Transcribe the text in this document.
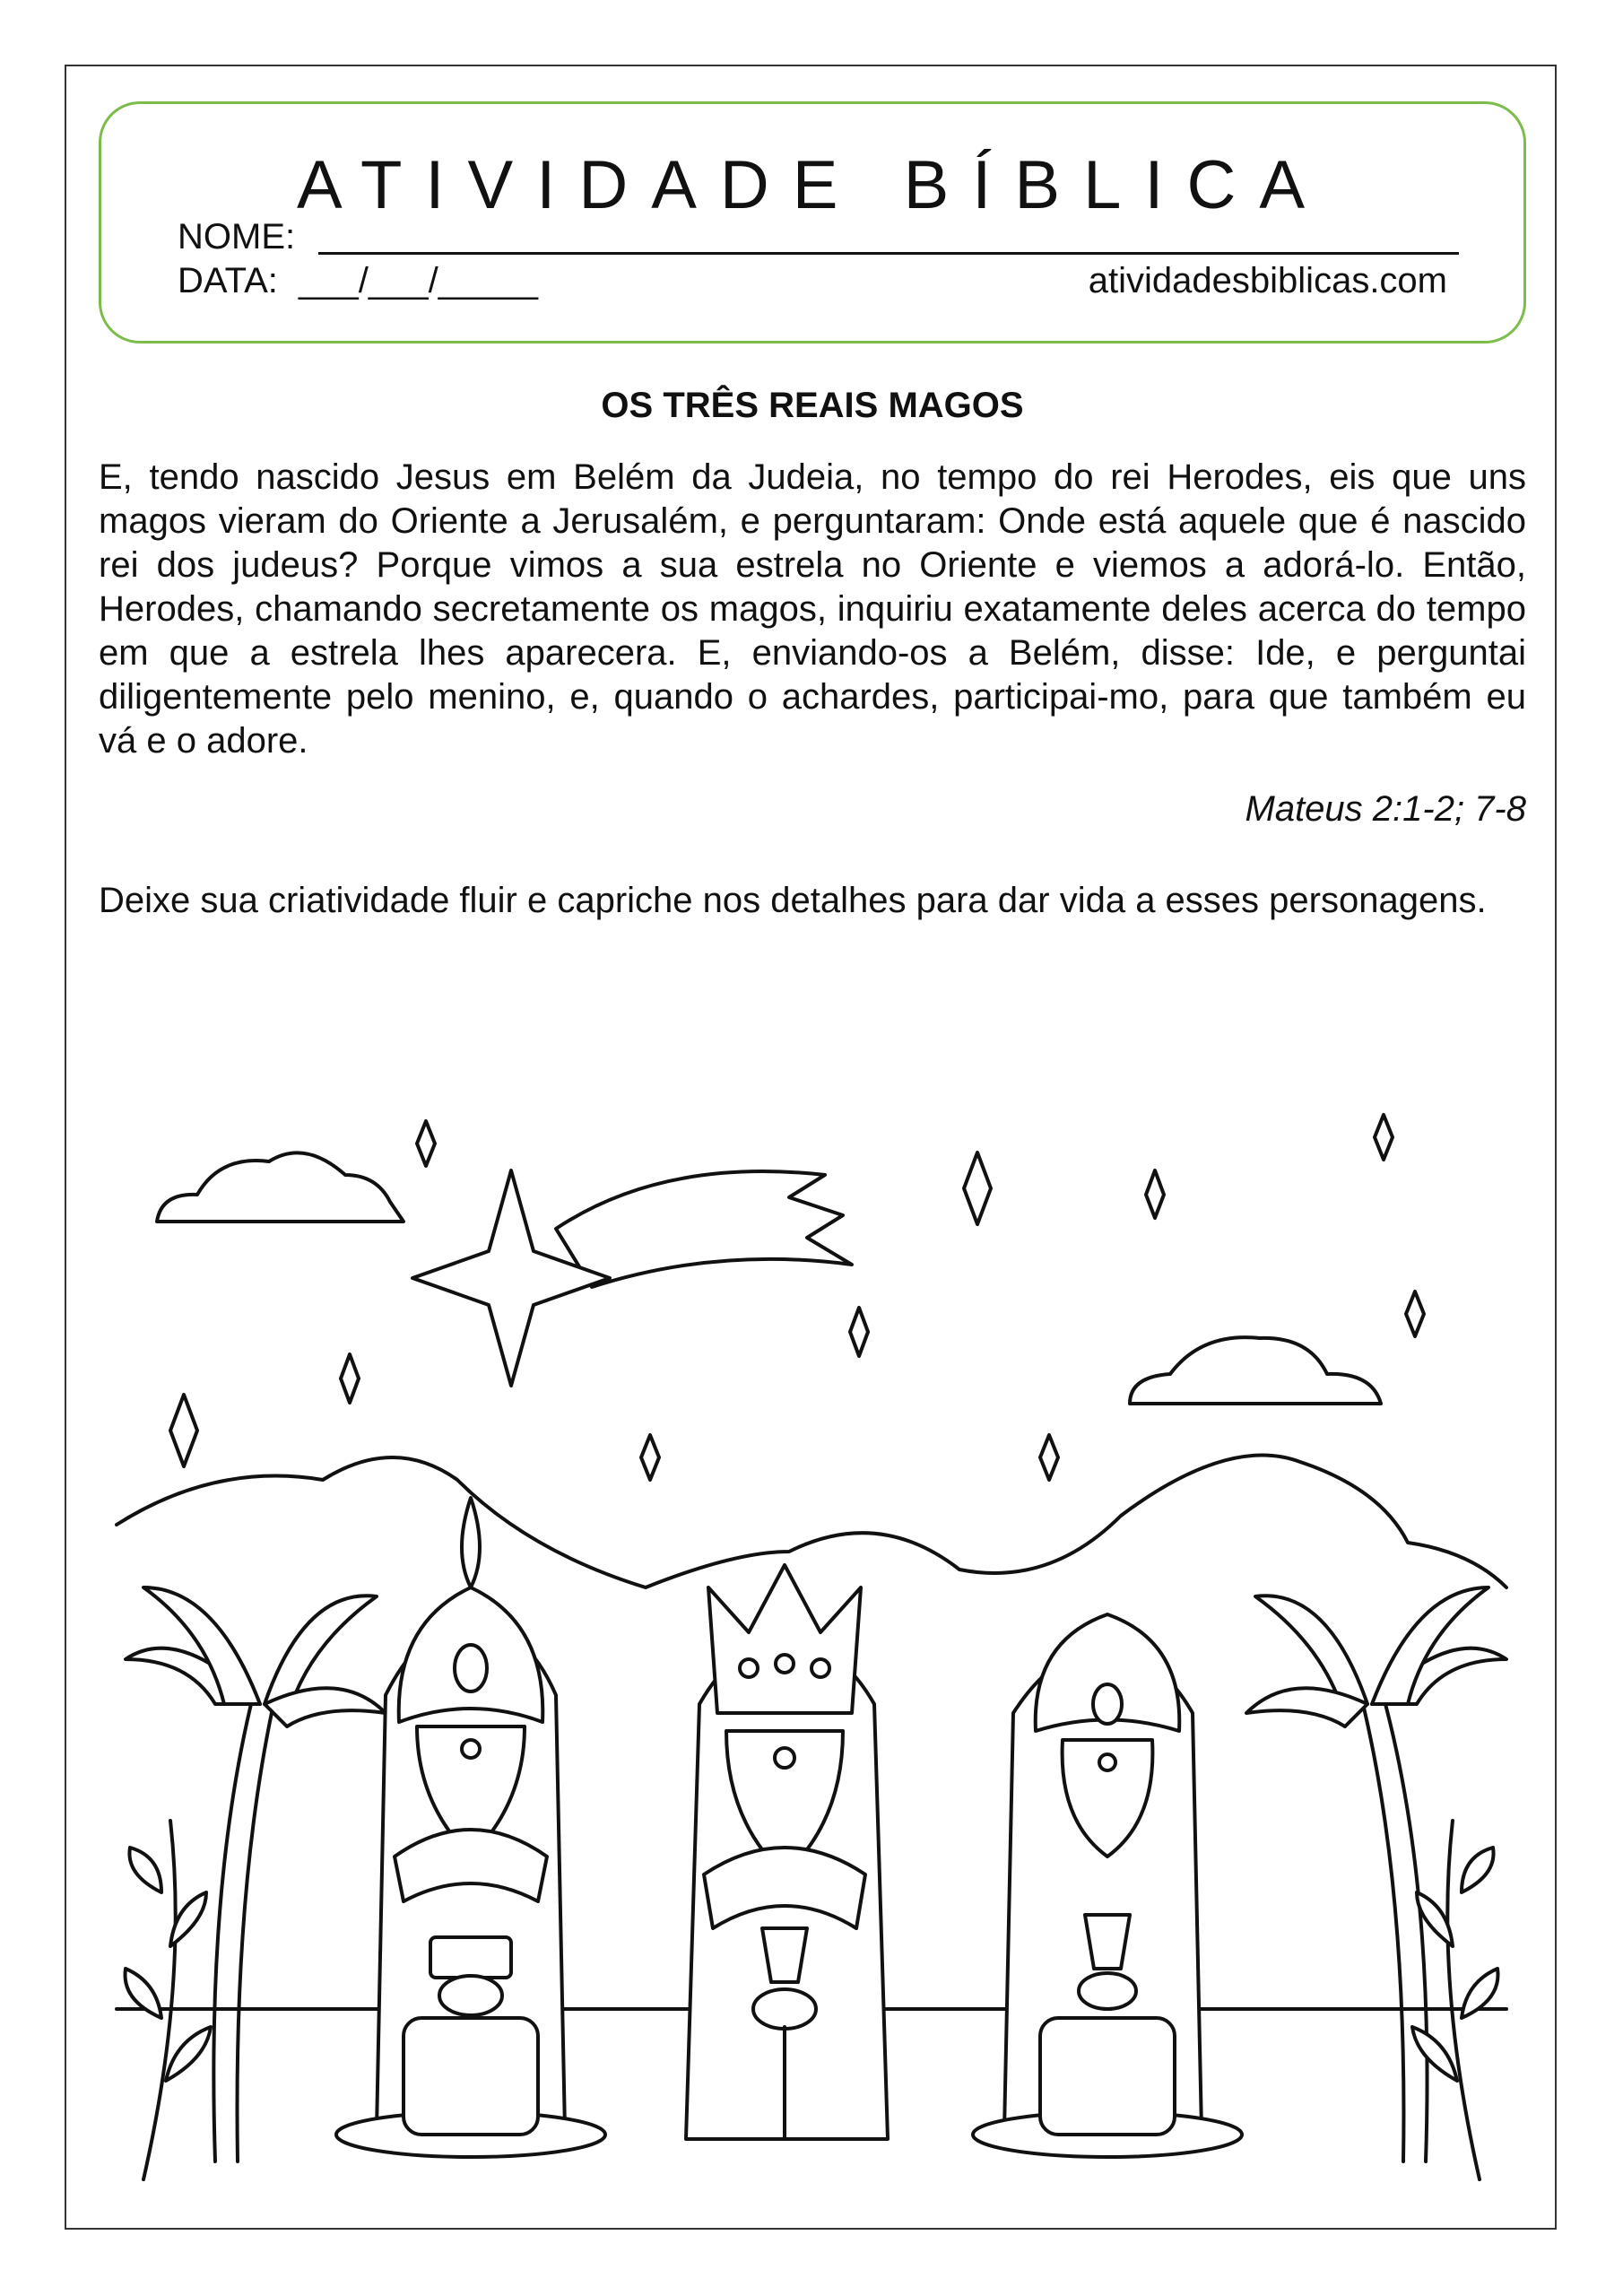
ATIVIDADE BÍBLICA
NOME:
DATA: ___/___/_____	atividadesbiblicas.com
OS TRÊS REAIS MAGOS

E, tendo nascido Jesus em Belém da Judeia, no tempo do rei Herodes, eis que uns magos vieram do Oriente a Jerusalém, e perguntaram: Onde está aquele que é nascido rei dos judeus? Porque vimos a sua estrela no Oriente e viemos a adorá-lo. Então, Herodes, chamando secretamente os magos, inquiriu exatamente deles acerca do tempo em que a estrela lhes aparecera. E, enviando-os a Belém, disse: Ide, e perguntai diligentemente pelo menino, e, quando o achardes, participai-mo, para que também eu vá e o adore.

Mateus 2:1-2; 7-8

Deixe sua criatividade fluir e capriche nos detalhes para dar vida a esses personagens.
